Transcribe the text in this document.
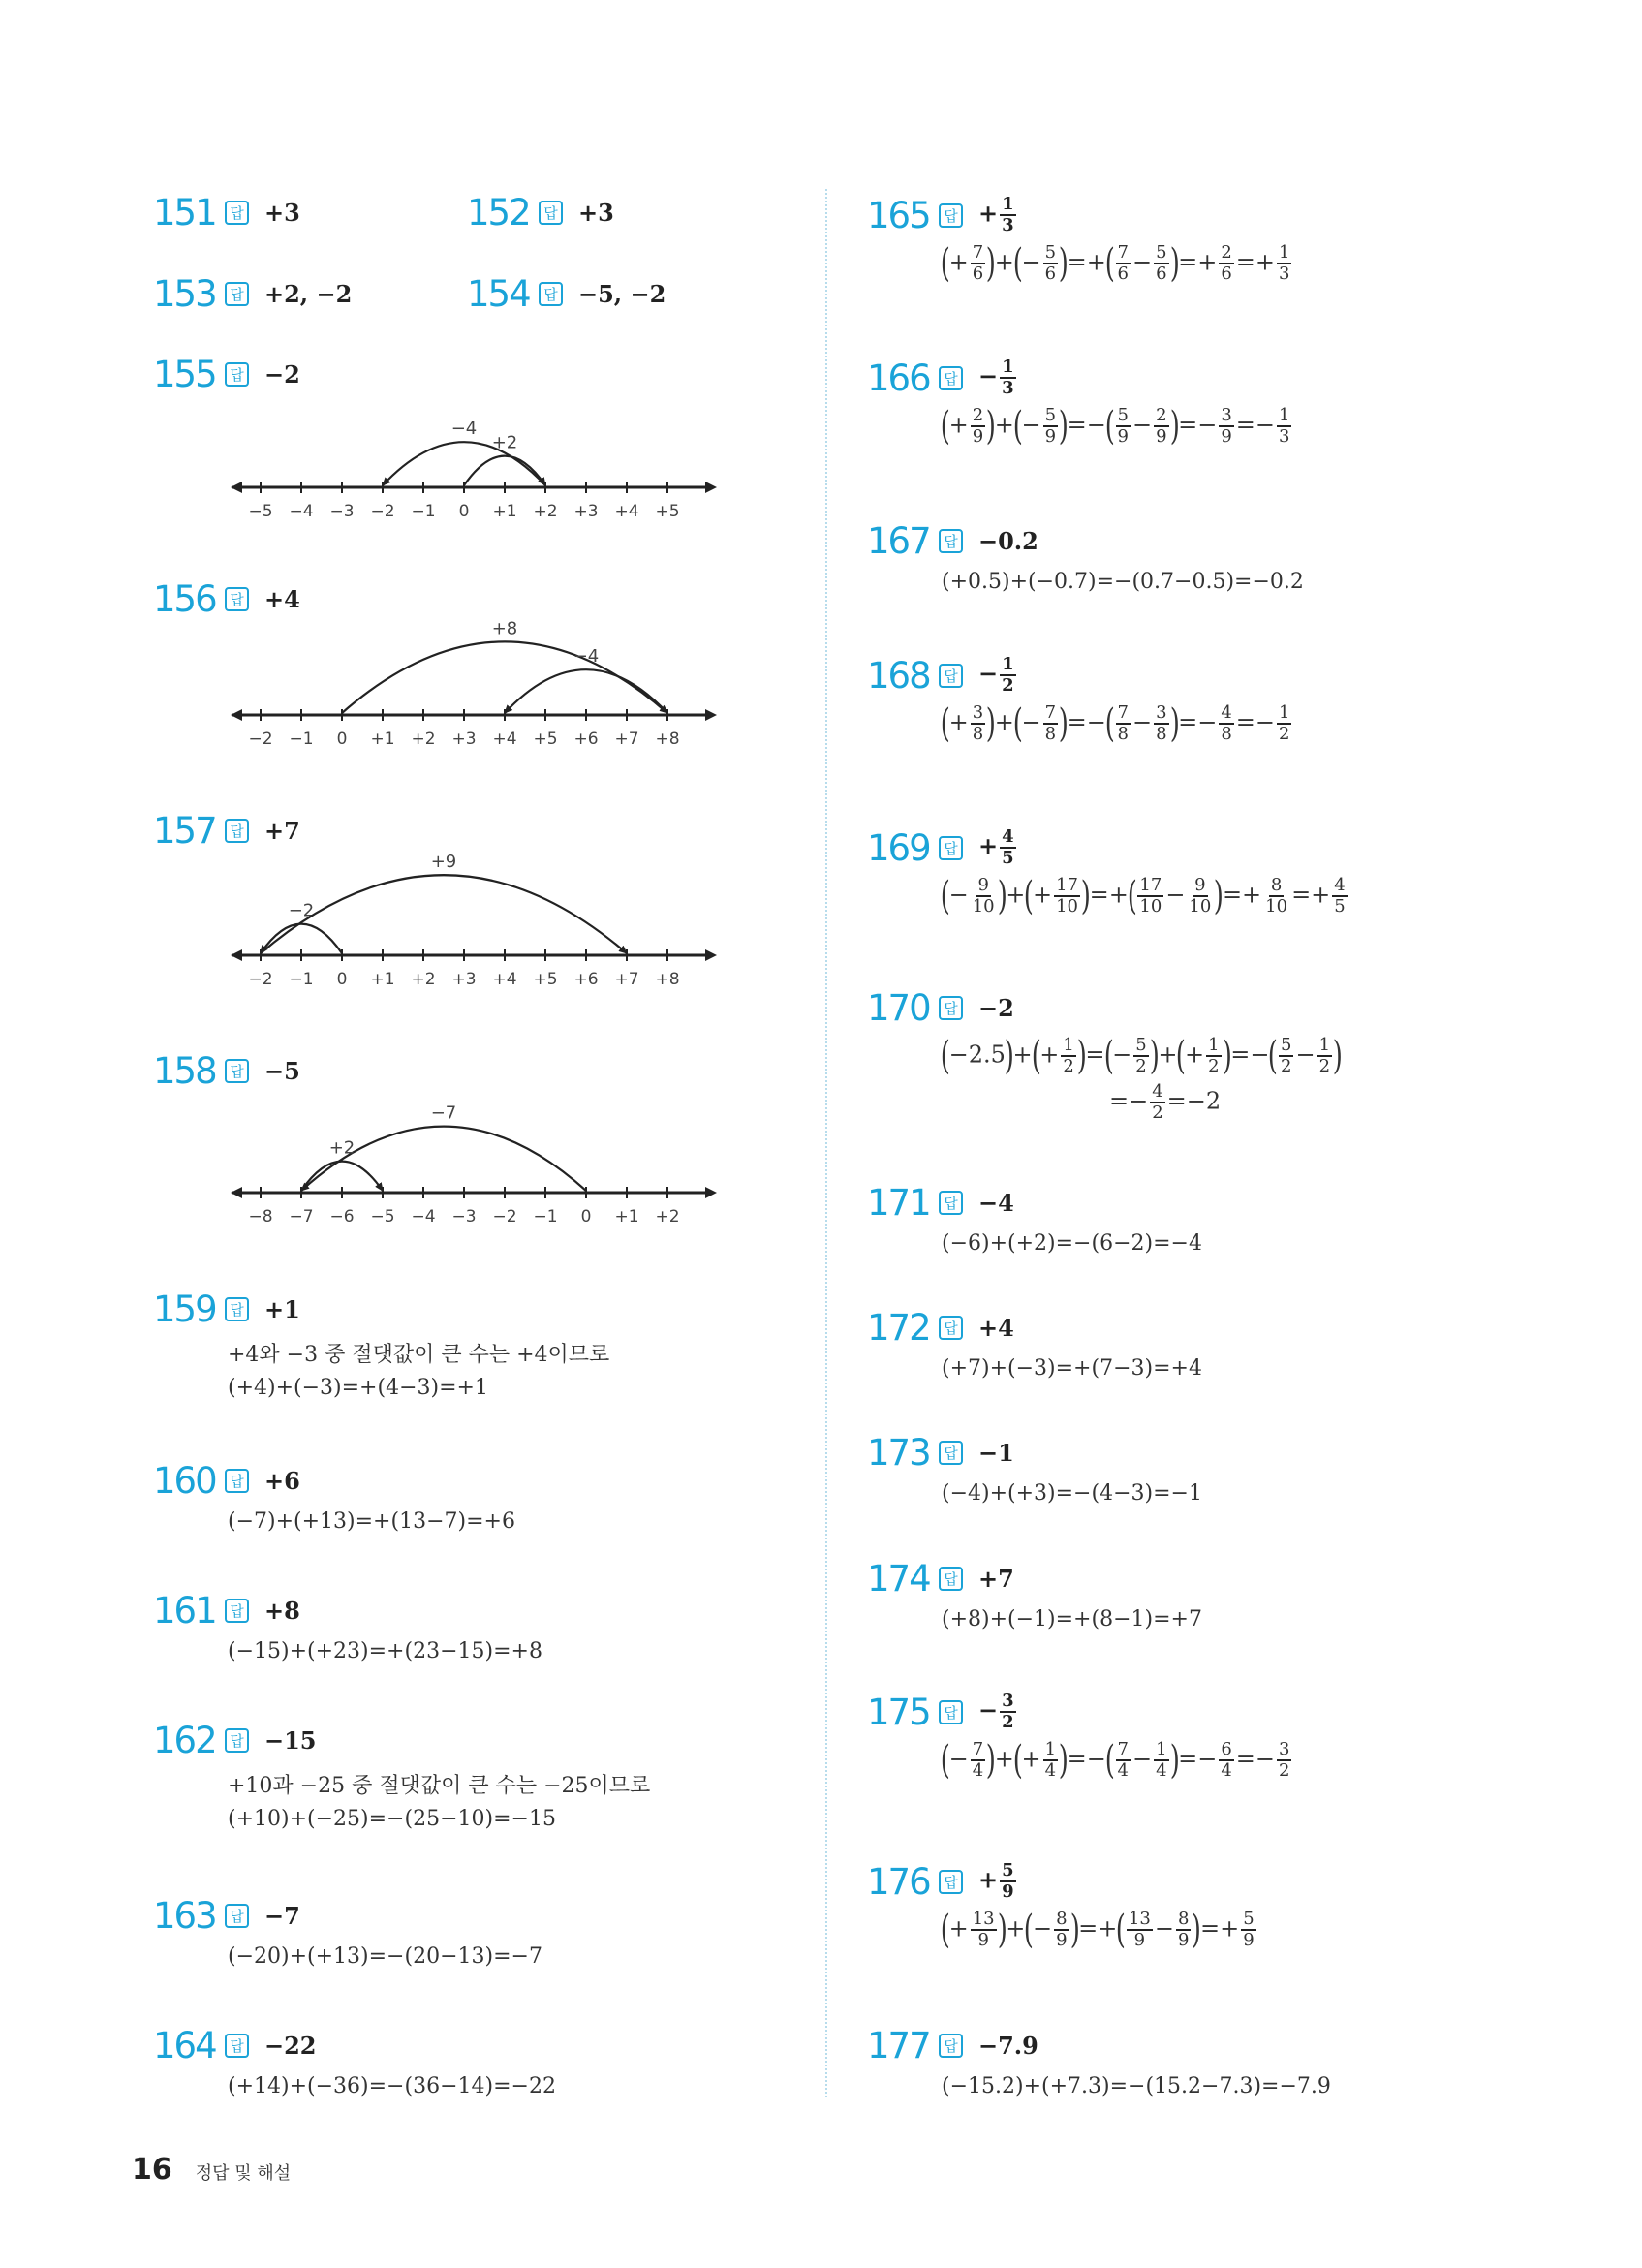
151 답 +3	152 답 +3
153 답 +2, −2	154 답 −5, −2
155 답 −2
−5 −4 −3 −2 −1 0 +1 +2 +3 +4 +5
+2
−4
156 답 +4
−2 −1 0 +1 +2 +3 +4 +5 +6 +7 +8
+8
−4
157 답 +7
−2 −1 0 +1 +2 +3 +4 +5 +6 +7 +8
−2
+9
158 답 −5
−8 −7 −6 −5 −4 −3 −2 −1 0 +1 +2
−7
+2
159 답 +1
+4와 −3 중 절댓값이 큰 수는 +4이므로
(+4)+(−3)=+(4−3)=+1
160 답 +6
(−7)+(+13)=+(13−7)=+6
161 답 +8
(−15)+(+23)=+(23−15)=+8
162 답 −15
+10과 −25 중 절댓값이 큰 수는 −25이므로
(+10)+(−25)=−(25−10)=−15
163 답 −7
(−20)+(+13)=−(20−13)=−7
164 답 −22
(+14)+(−36)=−(36−14)=−22
165 답 + $\frac{1}{3}$
(+ $\frac{7}{6}$ )+(− $\frac{5}{6}$ )=+( $\frac{7}{6} - \frac{5}{6}$ )=+ $\frac{2}{6} =+ \frac{1}{3}$
166 답 − $\frac{1}{3}$
(+ $\frac{2}{9}$ )+(− $\frac{5}{9}$ )=−( $\frac{5}{9} - \frac{2}{9}$ )=− $\frac{3}{9} =- \frac{1}{3}$
167 답 −0.2
(+0.5)+(−0.7)=−(0.7−0.5)=−0.2
168 답 − $\frac{1}{2}$
(+ $\frac{3}{8}$ )+(− $\frac{7}{8}$ )=−( $\frac{7}{8} - \frac{3}{8}$ )=− $\frac{4}{8} =- \frac{1}{2}$
169 답 + $\frac{4}{5}$
(− $\frac{9}{10}$ )+(+ $\frac{17}{10}$ )=+( $\frac{17}{10} - \frac{9}{10}$ )=+ $\frac{8}{10} =+ \frac{4}{5}$
170 답 −2
$(-2.5)+(+ \frac{1}{2}$ )=(− $\frac{5}{2}$ )+(+ $\frac{1}{2}$ )=−( $\frac{5}{2} - \frac{1}{2}$ )
=− $\frac{4}{2} =-2$
171 답 −4
(−6)+(+2)=−(6−2)=−4
172 답 +4
(+7)+(−3)=+(7−3)=+4
173 답 −1
(−4)+(+3)=−(4−3)=−1
174 답 +7
(+8)+(−1)=+(8−1)=+7
175 답 − $\frac{3}{2}$
(− $\frac{7}{4}$ )+(+ $\frac{1}{4}$ )=−( $\frac{7}{4} - \frac{1}{4}$ )=− $\frac{6}{4} =- \frac{3}{2}$
176 답 + $\frac{5}{9}$
(+ $\frac{13}{9}$ )+(− $\frac{8}{9}$ )=+( $\frac{13}{9} - \frac{8}{9}$ )=+ $\frac{5}{9}$
177 답 −7.9
(−15.2)+(+7.3)=−(15.2−7.3)=−7.9
16 정답 및 해설
